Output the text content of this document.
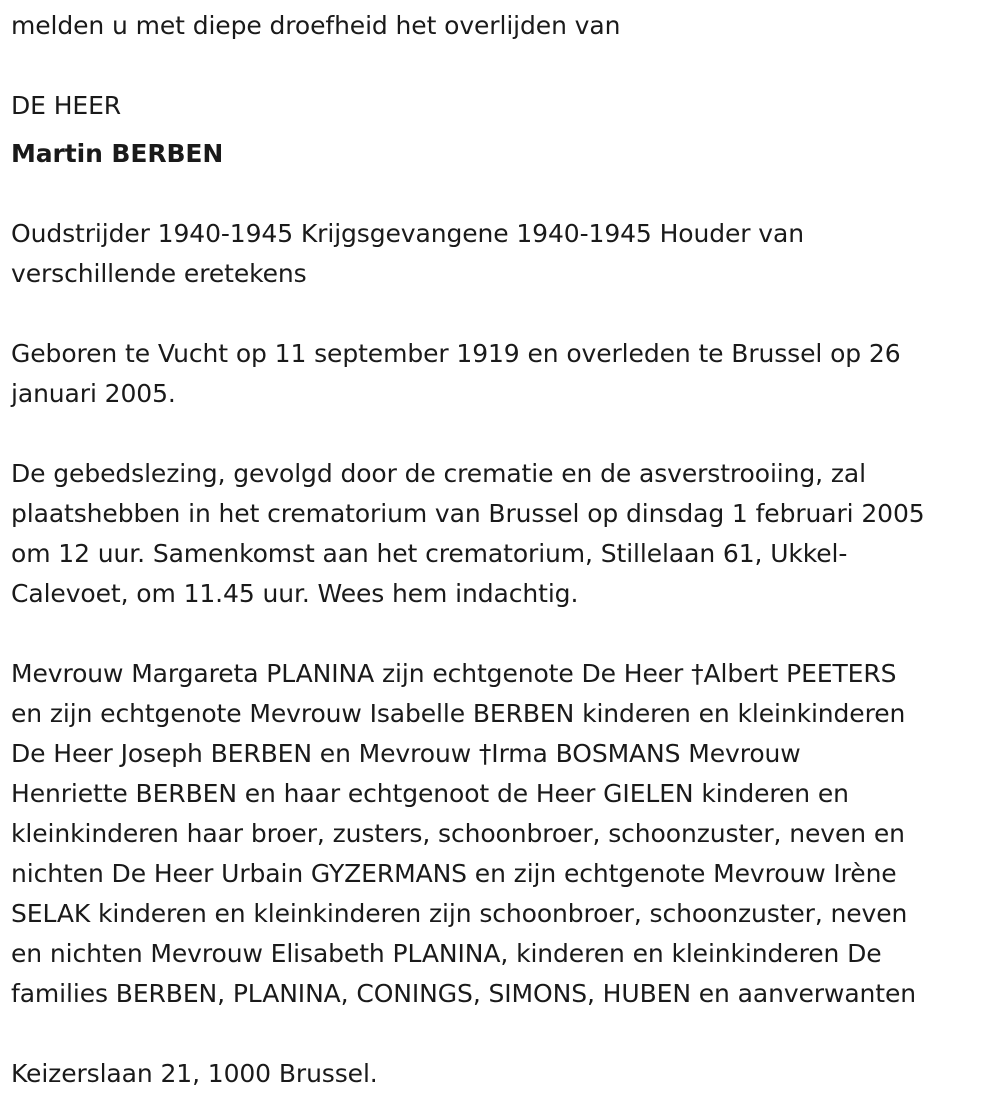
melden u met diepe droefheid het overlijden van

DE HEER

Martin BERBEN

Oudstrijder 1940-1945 Krijgsgevangene 1940-1945 Houder van
verschillende eretekens

Geboren te Vucht op 11 september 1919 en overleden te Brussel op 26
januari 2005.

De gebedslezing, gevolgd door de crematie en de asverstrooiing, zal
plaatshebben in het crematorium van Brussel op dinsdag 1 februari 2005
om 12 uur. Samenkomst aan het crematorium, Stillelaan 61, Ukkel-
Calevoet, om 11.45 uur. Wees hem indachtig.

Mevrouw Margareta PLANINA zijn echtgenote De Heer †Albert PEETERS
en zijn echtgenote Mevrouw Isabelle BERBEN kinderen en kleinkinderen
De Heer Joseph BERBEN en Mevrouw †Irma BOSMANS Mevrouw
Henriette BERBEN en haar echtgenoot de Heer GIELEN kinderen en
kleinkinderen haar broer, zusters, schoonbroer, schoonzuster, neven en
nichten De Heer Urbain GYZERMANS en zijn echtgenote Mevrouw Irène
SELAK kinderen en kleinkinderen zijn schoonbroer, schoonzuster, neven
en nichten Mevrouw Elisabeth PLANINA, kinderen en kleinkinderen De
families BERBEN, PLANINA, CONINGS, SIMONS, HUBEN en aanverwanten

Keizerslaan 21, 1000 Brussel.
